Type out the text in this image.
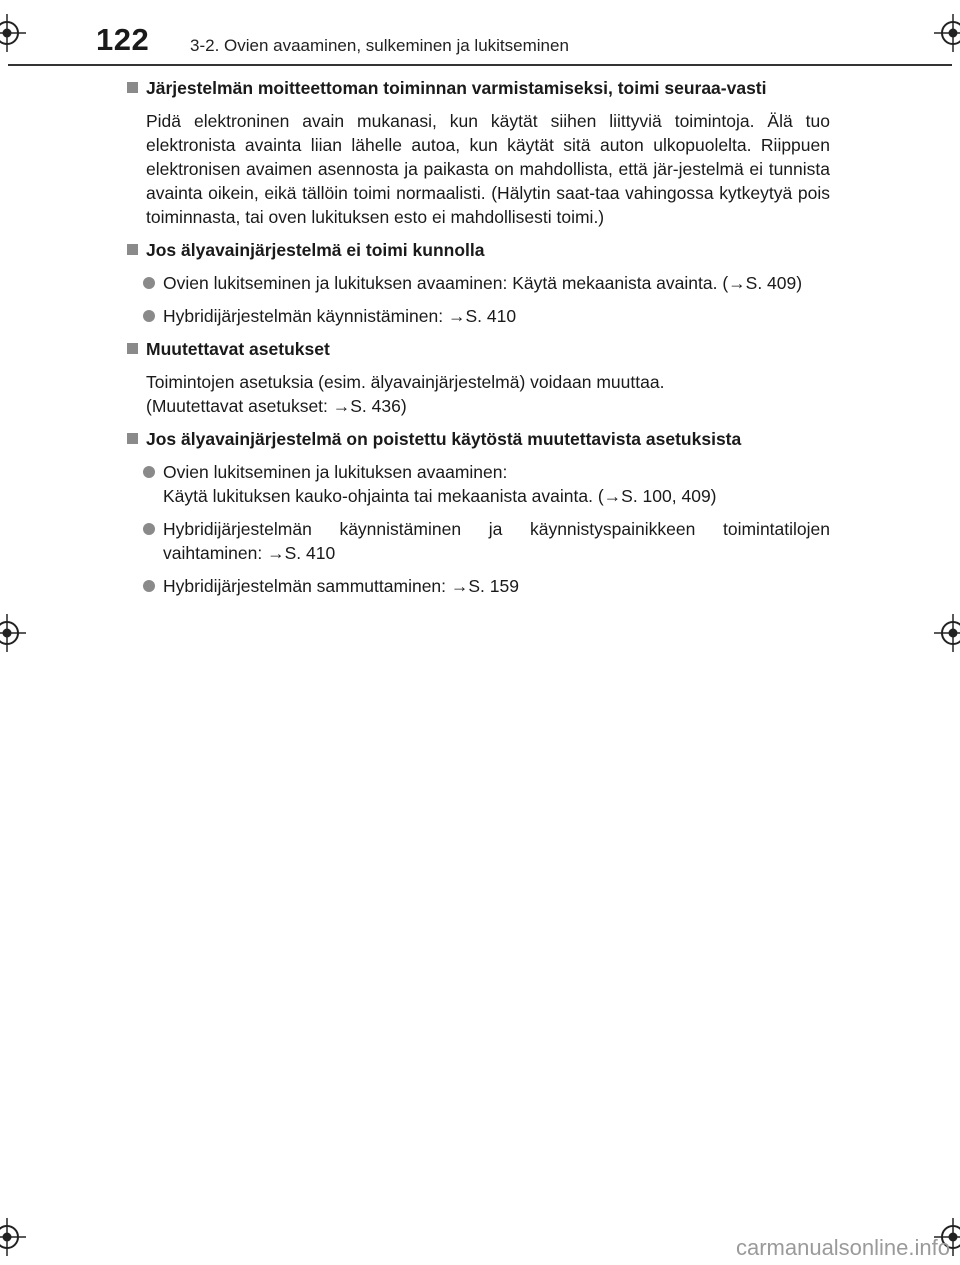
122 3-2. Ovien avaaminen, sulkeminen ja lukitseminen
Järjestelmän moitteettoman toiminnan varmistamiseksi, toimi seuraa-vasti
Pidä elektroninen avain mukanasi, kun käytät siihen liittyviä toimintoja. Älä tuo elektronista avainta liian lähelle autoa, kun käytät sitä auton ulkopuolelta. Riippuen elektronisen avaimen asennosta ja paikasta on mahdollista, että jär-jestelmä ei tunnista avainta oikein, eikä tällöin toimi normaalisti. (Hälytin saat-taa vahingossa kytkeytyä pois toiminnasta, tai oven lukituksen esto ei mahdollisesti toimi.)
Jos älyavainjärjestelmä ei toimi kunnolla
Ovien lukitseminen ja lukituksen avaaminen: Käytä mekaanista avainta. (→S. 409)
Hybridijärjestelmän käynnistäminen: →S. 410
Muutettavat asetukset
Toimintojen asetuksia (esim. älyavainjärjestelmä) voidaan muuttaa.
(Muutettavat asetukset: →S. 436)
Jos älyavainjärjestelmä on poistettu käytöstä muutettavista asetuksista
Ovien lukitseminen ja lukituksen avaaminen:
Käytä lukituksen kauko-ohjainta tai mekaanista avainta. (→S. 100, 409)
Hybridijärjestelmän käynnistäminen ja käynnistyspainikkeen toimintatilojen vaihtaminen: →S. 410
Hybridijärjestelmän sammuttaminen: →S. 159
carmanualsonline.info
